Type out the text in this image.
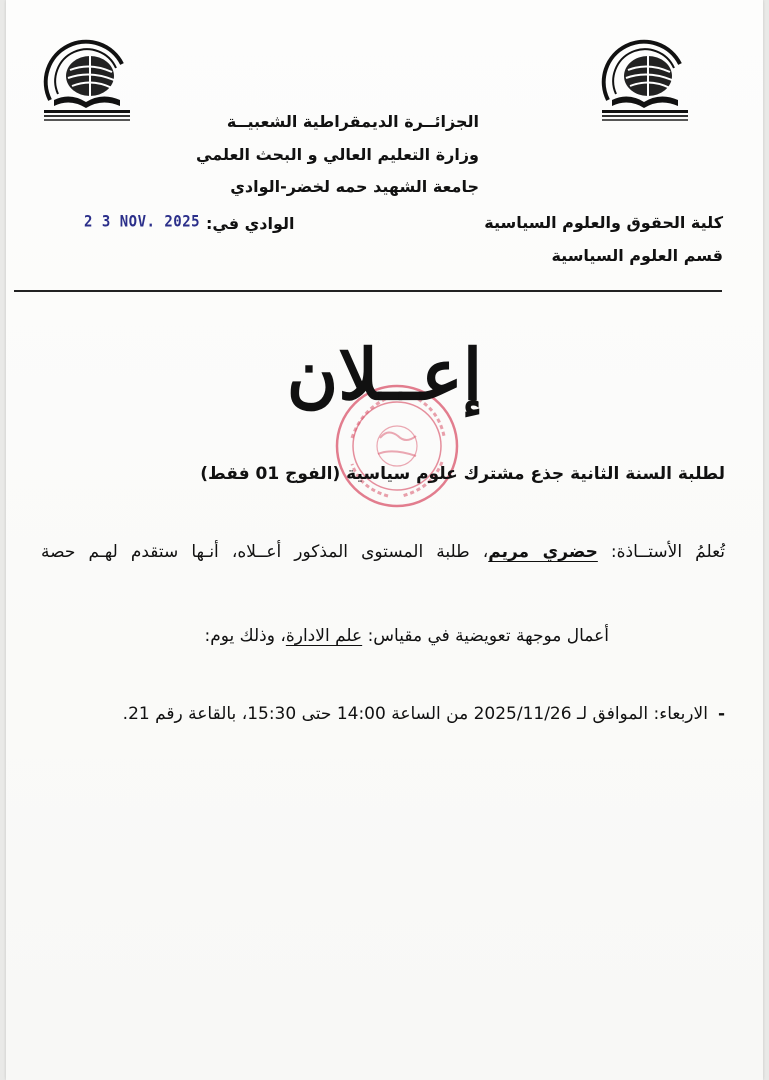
الجزائــرة الديمقراطية الشعبيــة
وزارة التعليم العالي و البحث العلمي
جامعة الشهيد حمه لخضر-الوادي
كلية الحقوق والعلوم السياسية
قسم العلوم السياسية
الوادي في:
2 3 NOV. 2025
إعــلان
لطلبة السنة الثانية جذع مشترك علوم سياسية (الفوج 01 فقط)
تُعلمُ الأستــاذة: حضري مريم، طلبة المستوى المذكور أعــلاه، أنـها ستقدم لهـم حصة
أعمال موجهة تعويضية في مقياس: علم الادارة، وذلك يوم:
-الاربعاء: الموافق لـ 2025/11/26 من الساعة 14:00 حتى 15:30، بالقاعة رقم 21.
